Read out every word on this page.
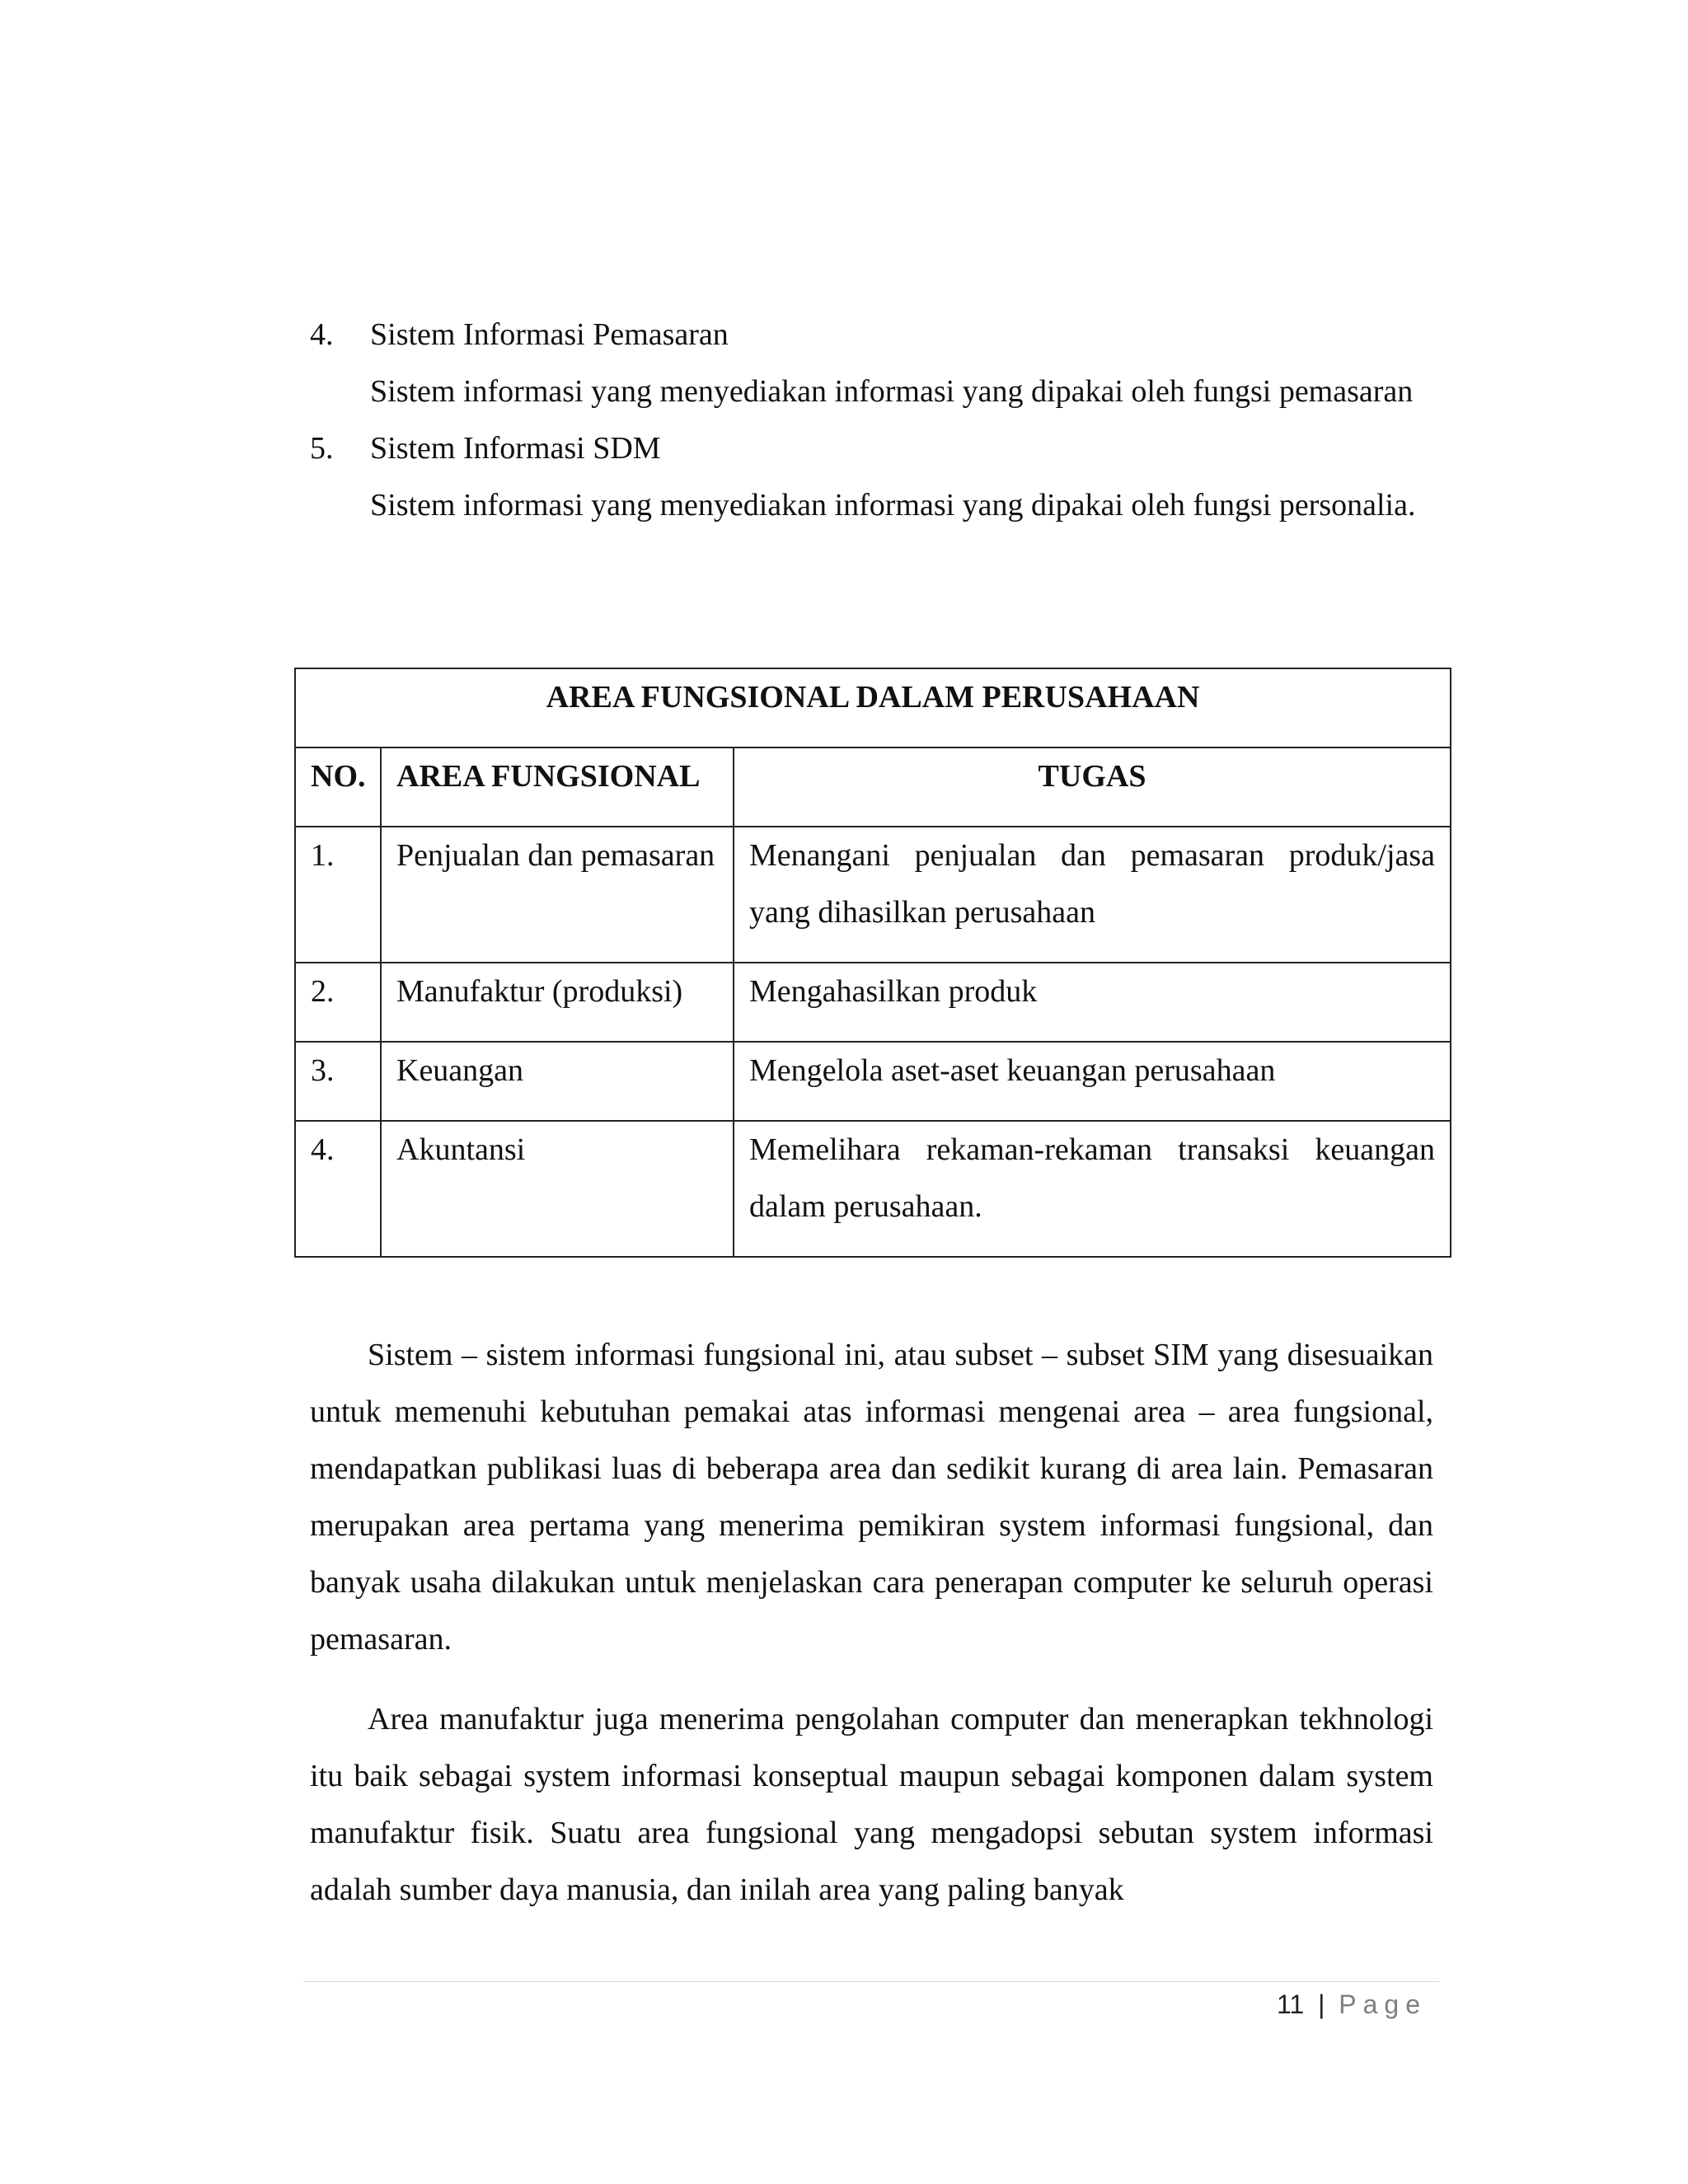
4.	Sistem Informasi Pemasaran
Sistem informasi yang menyediakan informasi yang dipakai oleh fungsi pemasaran
5.	Sistem Informasi SDM
Sistem informasi yang menyediakan informasi yang dipakai oleh fungsi personalia.
AREA FUNGSIONAL DALAM PERUSAHAAN		
NO.	AREA FUNGSIONAL	TUGAS
1.	Penjualan dan pemasaran	Menangani penjualan dan pemasaran produk/jasa yang dihasilkan perusahaan
2.	Manufaktur (produksi)	Mengahasilkan produk
3.	Keuangan	Mengelola aset-aset keuangan perusahaan
4.	Akuntansi	Memelihara rekaman-rekaman transaksi keuangan dalam perusahaan.

Sistem – sistem informasi fungsional ini, atau subset – subset SIM yang disesuaikan untuk memenuhi kebutuhan pemakai atas informasi mengenai area – area fungsional, mendapatkan publikasi luas di beberapa area dan sedikit kurang di area lain. Pemasaran merupakan area pertama yang menerima pemikiran system informasi fungsional, dan banyak usaha dilakukan untuk menjelaskan cara penerapan computer ke seluruh operasi pemasaran.

Area manufaktur juga menerima pengolahan computer dan menerapkan tekhnologi itu baik sebagai system informasi konseptual maupun sebagai komponen dalam system manufaktur fisik. Suatu area fungsional yang mengadopsi sebutan system informasi adalah sumber daya manusia, dan inilah area yang paling banyak

11 | Page
